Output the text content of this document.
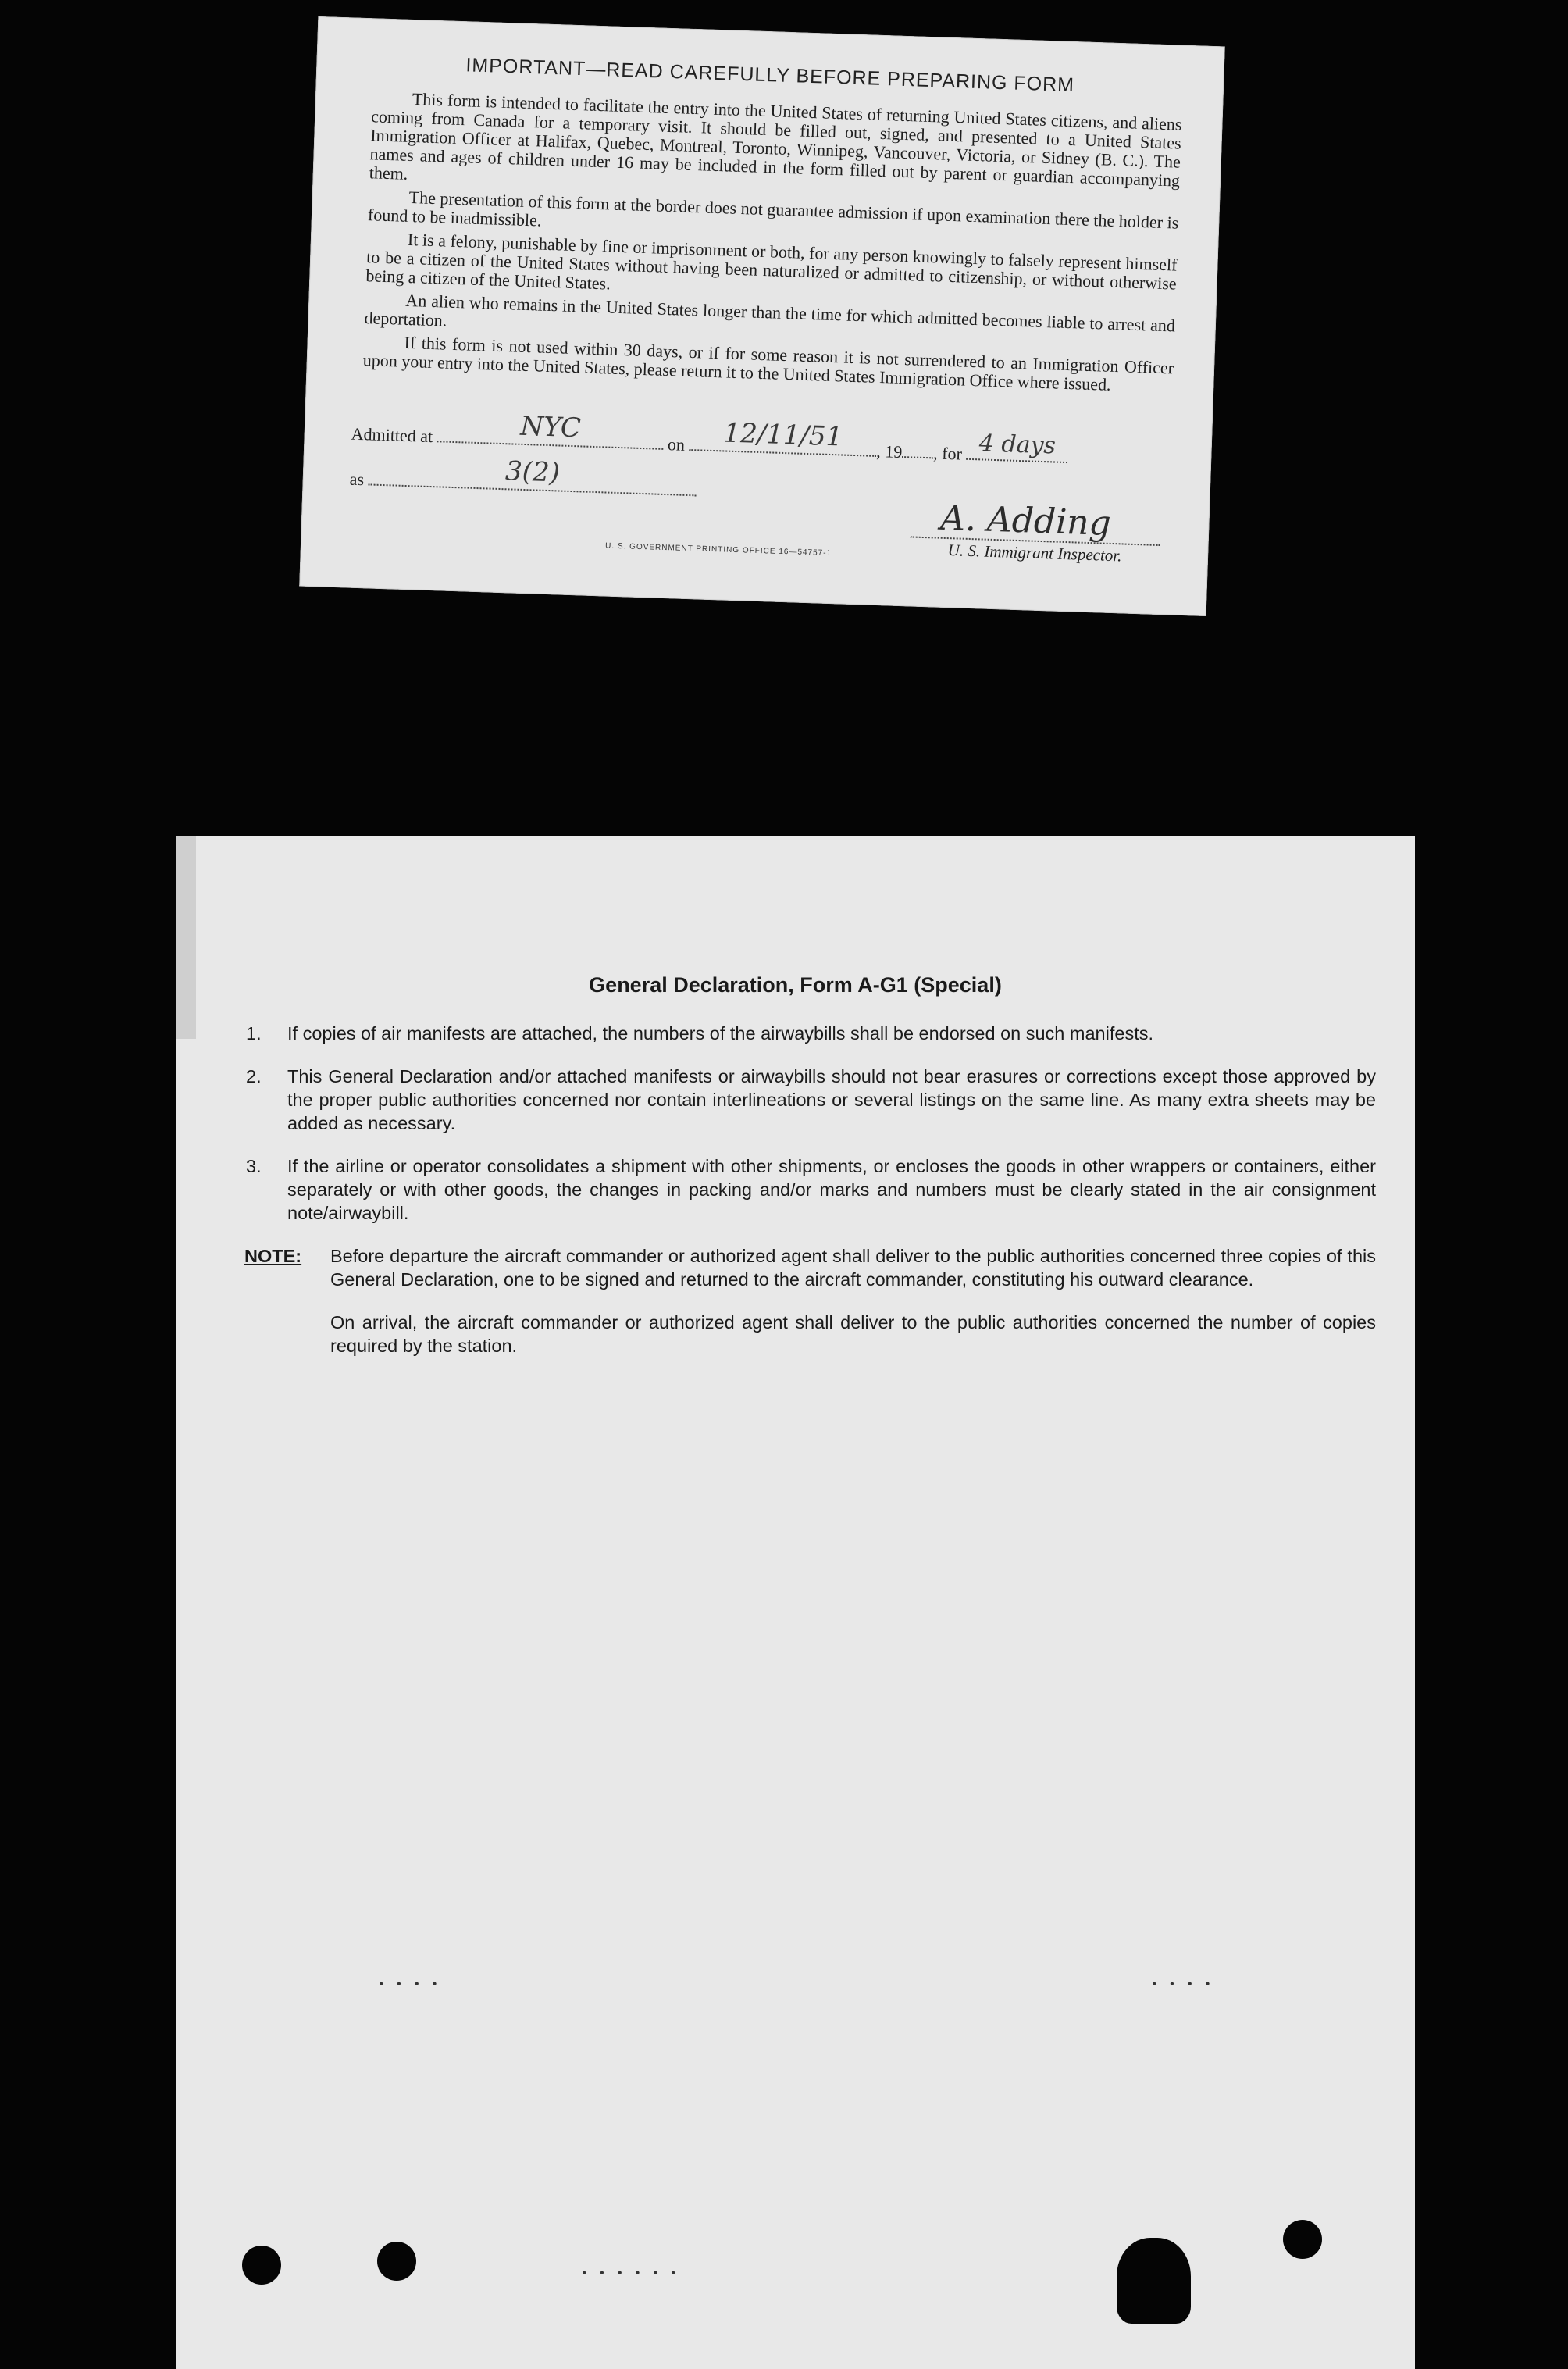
IMPORTANT—READ CAREFULLY BEFORE PREPARING FORM

This form is intended to facilitate the entry into the United States of returning United States citizens, and aliens coming from Canada for a temporary visit. It should be filled out, signed, and presented to a United States Immigration Officer at Halifax, Quebec, Montreal, Toronto, Winnipeg, Vancouver, Victoria, or Sidney (B. C.). The names and ages of children under 16 may be included in the form filled out by parent or guardian accompanying them.

The presentation of this form at the border does not guarantee admission if upon examination there the holder is found to be inadmissible.

It is a felony, punishable by fine or imprisonment or both, for any person knowingly to falsely represent himself to be a citizen of the United States without having been naturalized or admitted to citizenship, or without otherwise being a citizen of the United States.

An alien who remains in the United States longer than the time for which admitted becomes liable to arrest and deportation.

If this form is not used within 30 days, or if for some reason it is not surrendered to an Immigration Officer upon your entry into the United States, please return it to the United States Immigration Office where issued.

Admitted at	NYC
on	12/11/51	, 19 , for 4 days
as	3(2)
A. Adding
U. S. Immigrant Inspector.
U. S. GOVERNMENT PRINTING OFFICE 16—54757-1
General Declaration, Form A-G1 (Special)
1.	If copies of air manifests are attached, the numbers of the airwaybills shall be endorsed on such manifests.
2.	This General Declaration and/or attached manifests or airwaybills should not bear erasures or corrections except those approved by the proper public authorities concerned nor contain interlineations or several listings on the same line. As many extra sheets may be added as necessary.
3.	If the airline or operator consolidates a shipment with other shipments, or encloses the goods in other wrappers or containers, either separately or with other goods, the changes in packing and/or marks and numbers must be clearly stated in the air consignment note/airwaybill.
NOTE:	Before departure the aircraft commander or authorized agent shall deliver to the public authorities concerned three copies of this General Declaration, one to be signed and returned to the aircraft commander, constituting his outward clearance.

On arrival, the aircraft commander or authorized agent shall deliver to the public authorities concerned the number of copies required by the station.

• • • •	• • • •
• • • • • •
